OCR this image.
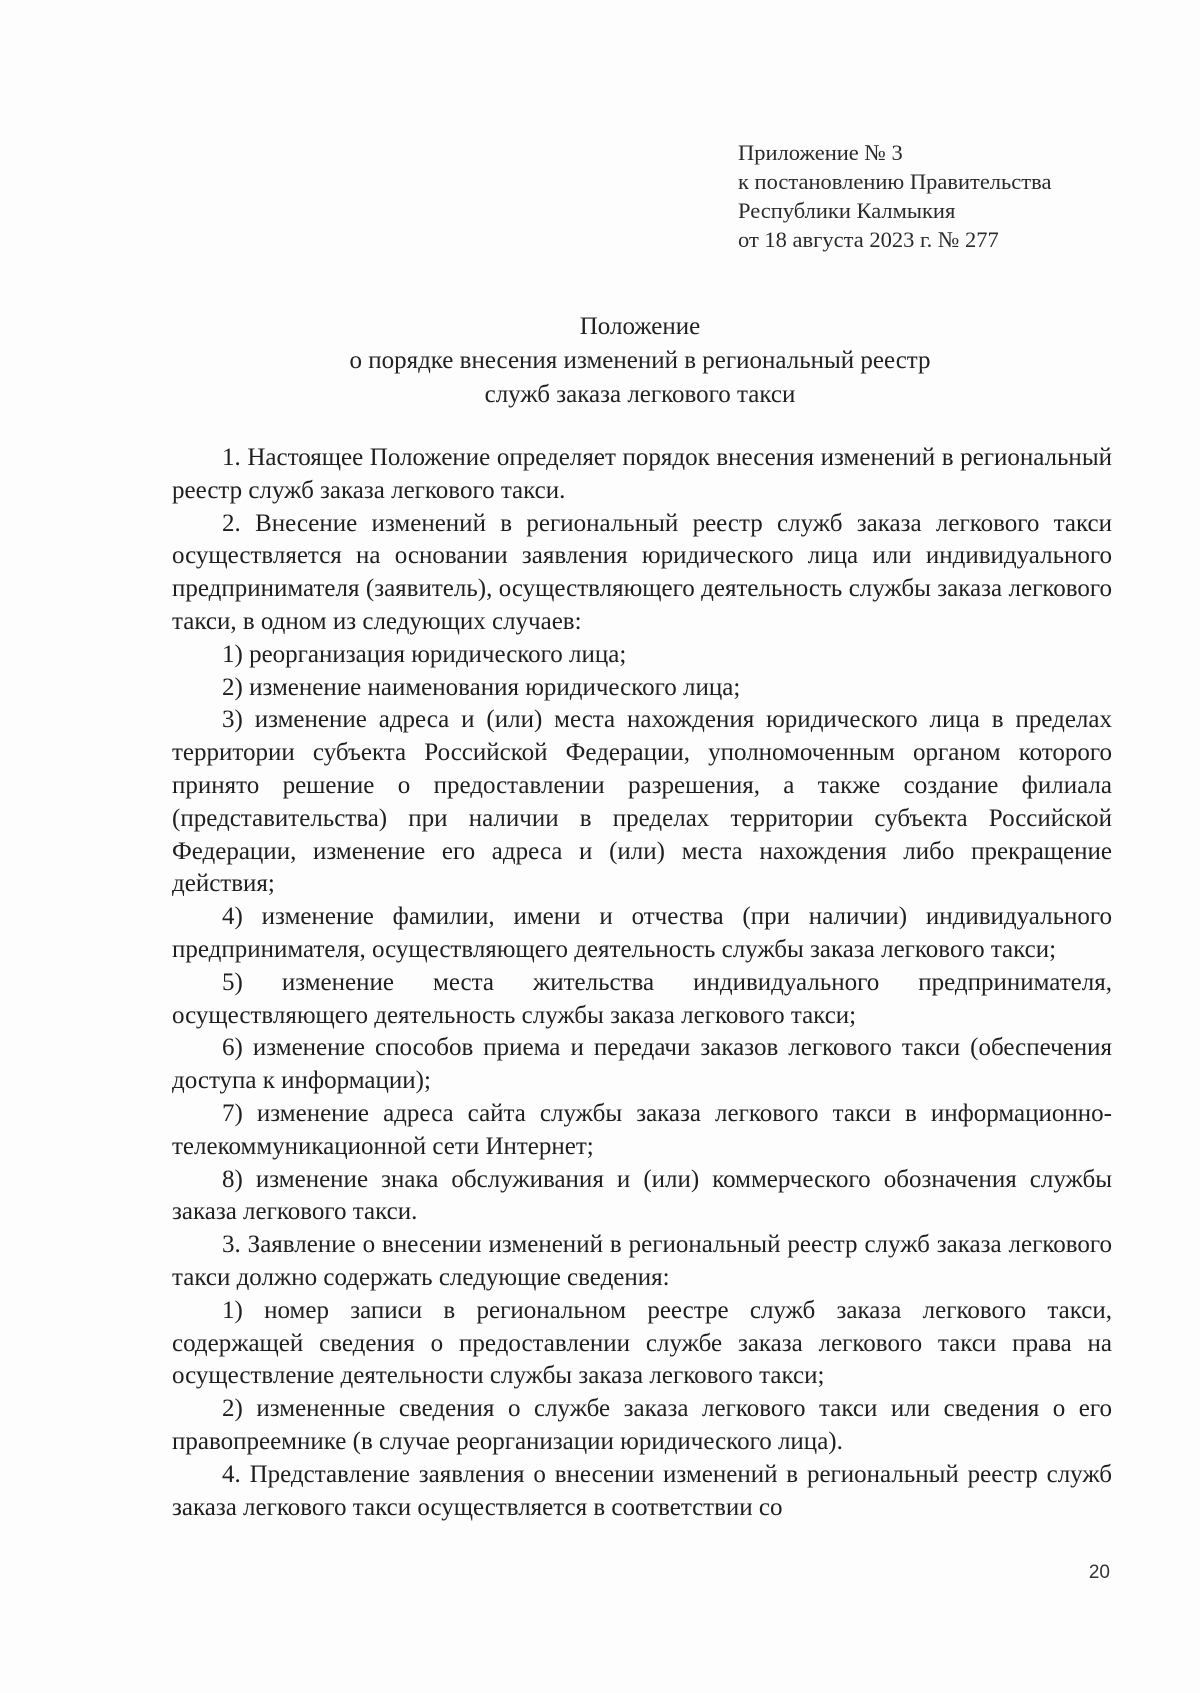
Приложение № 3
к постановлению Правительства
Республики Калмыкия
от 18 августа 2023 г. № 277
Положение
о порядке внесения изменений в региональный реестр
служб заказа легкового такси

1. Настоящее Положение определяет порядок внесения изменений в региональный реестр служб заказа легкового такси.

2. Внесение изменений в региональный реестр служб заказа легкового такси осуществляется на основании заявления юридического лица или индивидуального предпринимателя (заявитель), осуществляющего деятельность службы заказа легкового такси, в одном из следующих случаев:

1) реорганизация юридического лица;

2) изменение наименования юридического лица;

3) изменение адреса и (или) места нахождения юридического лица в пределах территории субъекта Российской Федерации, уполномоченным органом которого принято решение о предоставлении разрешения, а также создание филиала (представительства) при наличии в пределах территории субъекта Российской Федерации, изменение его адреса и (или) места нахождения либо прекращение действия;

4) изменение фамилии, имени и отчества (при наличии) индивидуального предпринимателя, осуществляющего деятельность службы заказа легкового такси;

5) изменение места жительства индивидуального предпринимателя, осуществляющего деятельность службы заказа легкового такси;

6) изменение способов приема и передачи заказов легкового такси (обеспечения доступа к информации);

7) изменение адреса сайта службы заказа легкового такси в информационно-телекоммуникационной сети Интернет;

8) изменение знака обслуживания и (или) коммерческого обозначения службы заказа легкового такси.

3. Заявление о внесении изменений в региональный реестр служб заказа легкового такси должно содержать следующие сведения:

1) номер записи в региональном реестре служб заказа легкового такси, содержащей сведения о предоставлении службе заказа легкового такси права на осуществление деятельности службы заказа легкового такси;

2) измененные сведения о службе заказа легкового такси или сведения о его правопреемнике (в случае реорганизации юридического лица).

4. Представление заявления о внесении изменений в региональный реестр служб заказа легкового такси осуществляется в соответствии со

20
